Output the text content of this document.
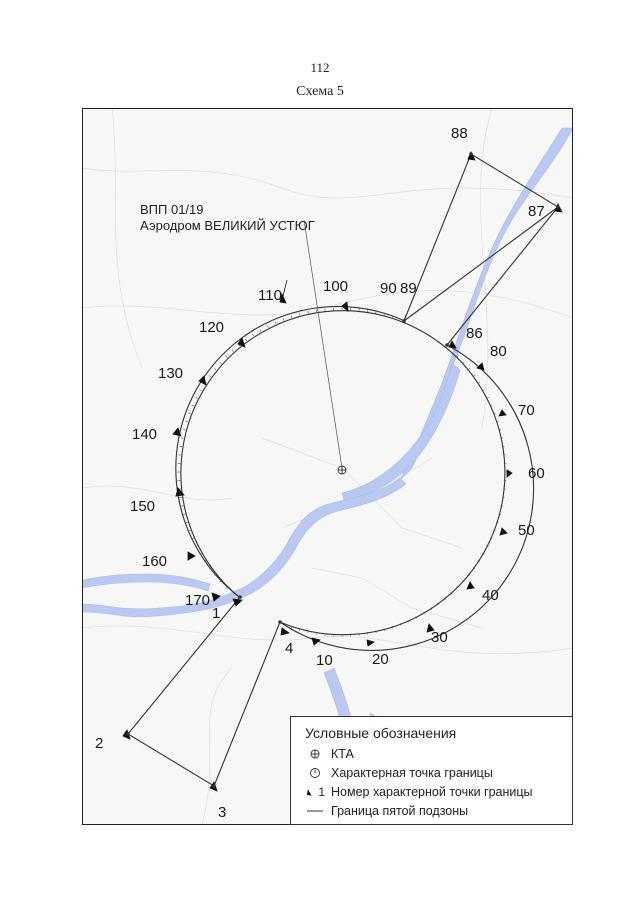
112
Схема 5
ВПП 01/19
Аэродром ВЕЛИКИЙ УСТЮГ
100
110
120
130
140
150
160
170
10	20
30
40
50
60
70
80
1
2
3
4
86
87
88
89
90
Условные обозначения
КТА
Характерная точка границы
1 Номер характерной точки границы
Граница пятой подзоны
